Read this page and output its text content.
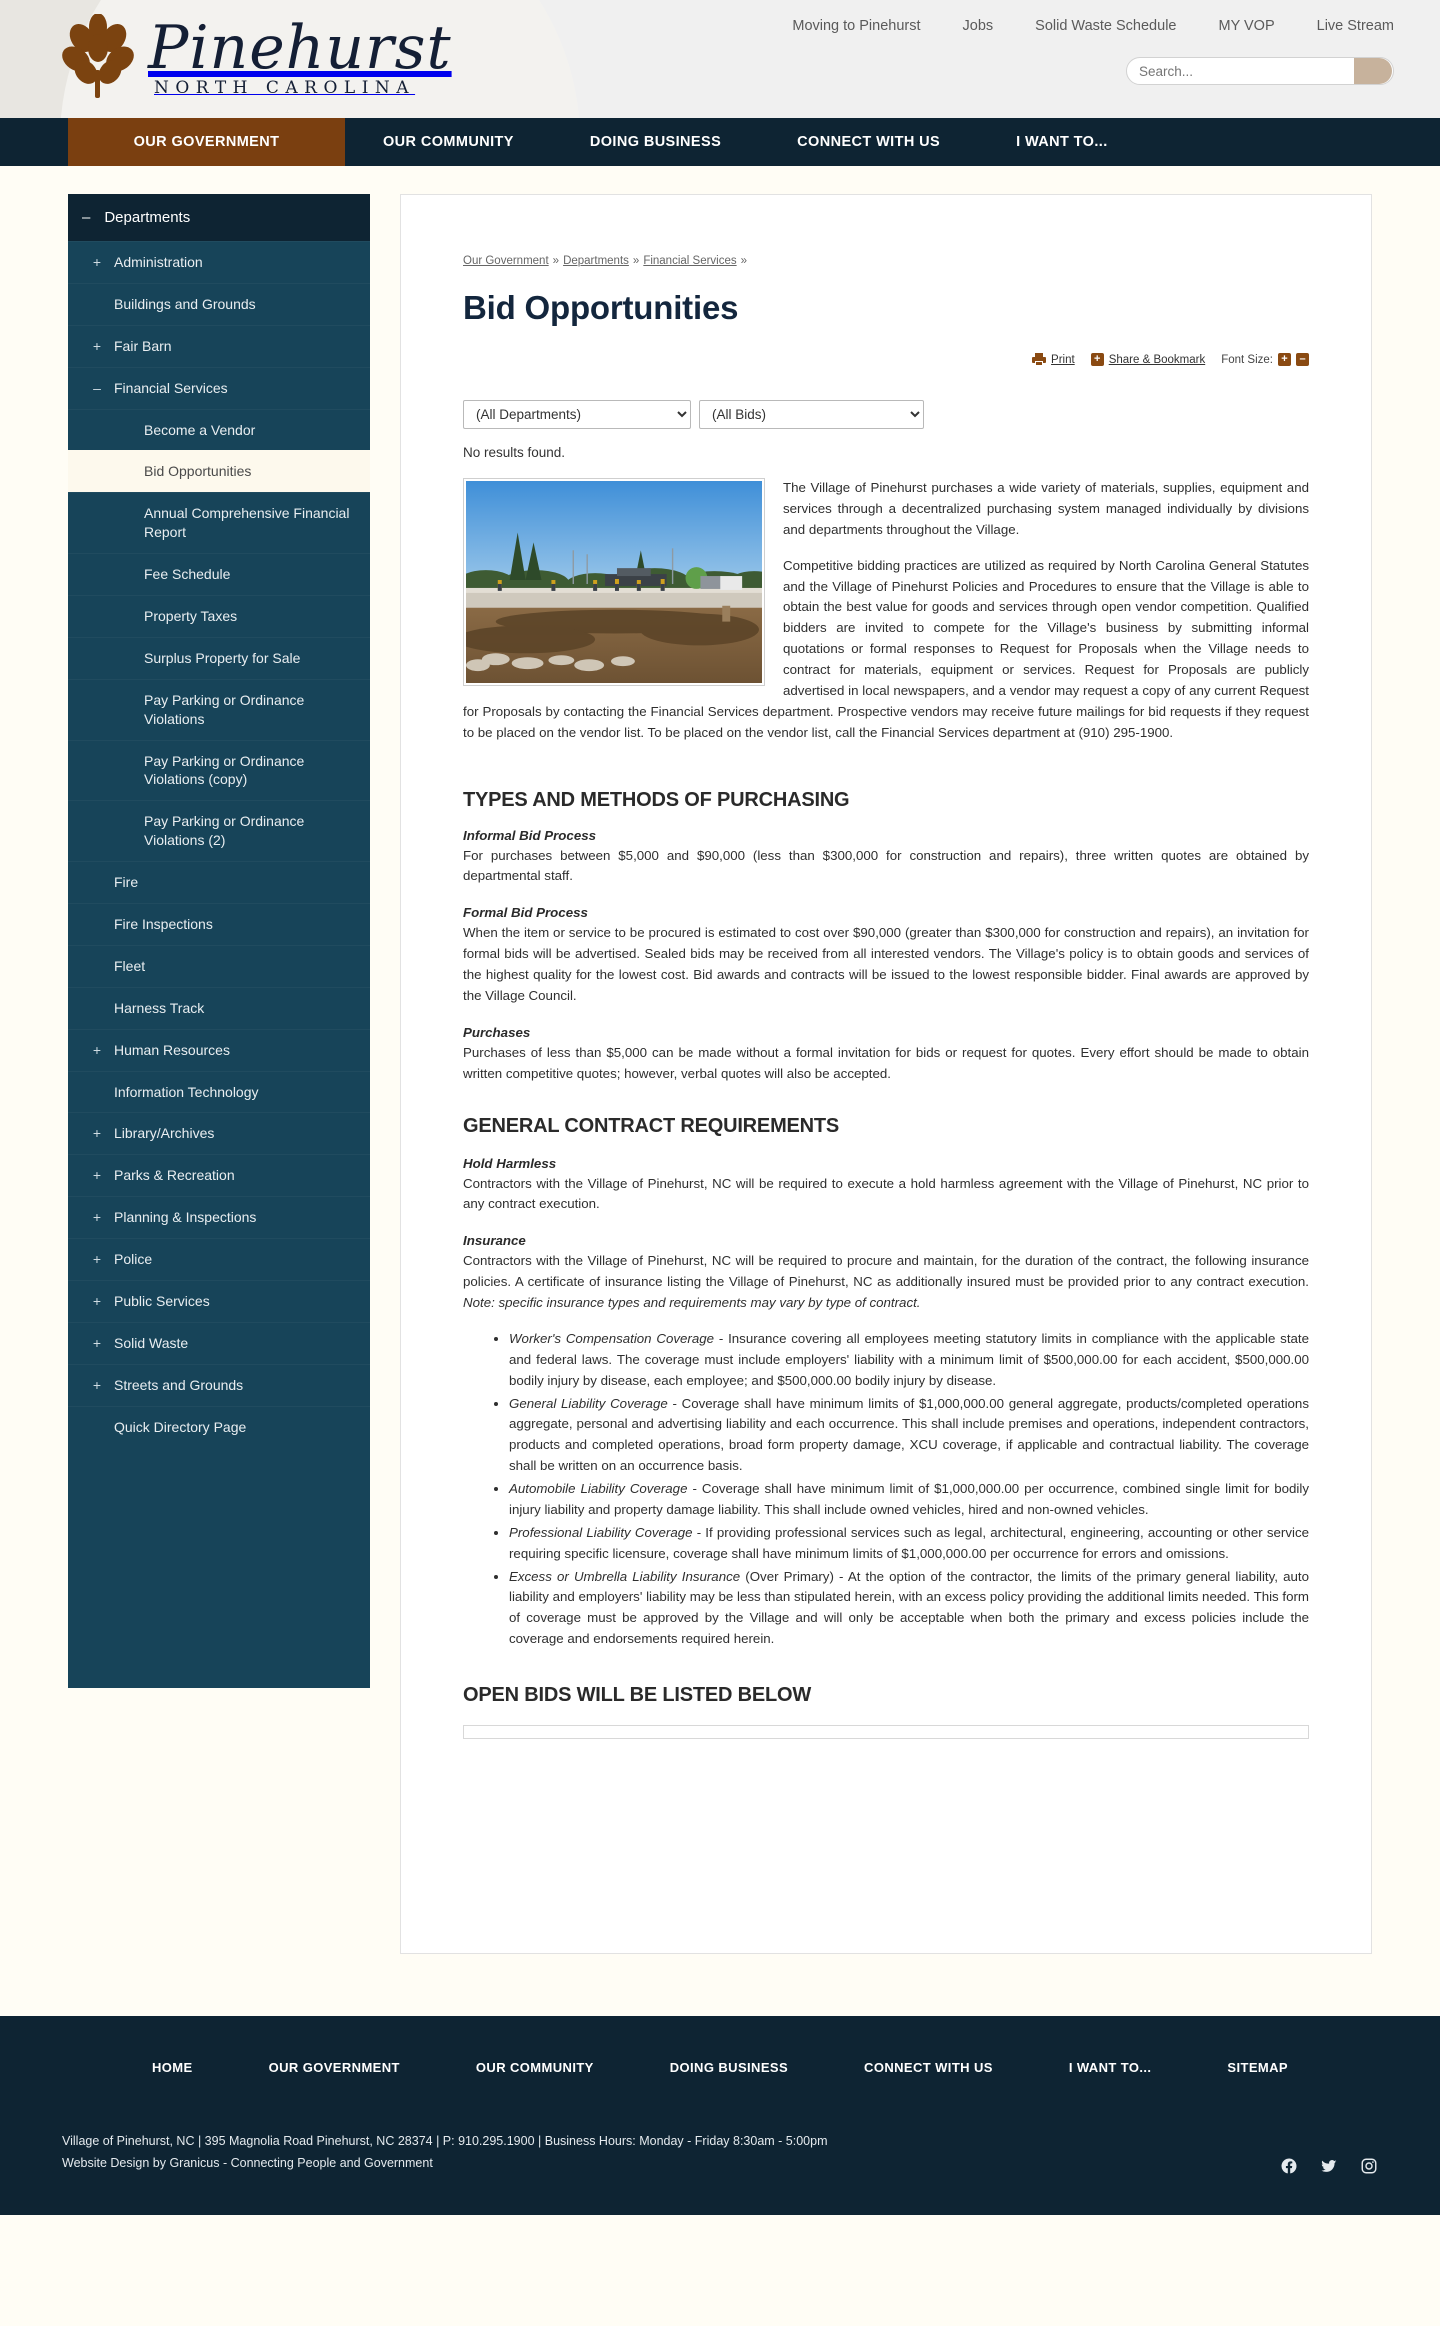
Pinehurst
NORTH CAROLINA
Moving to Pinehurst	Jobs	Solid Waste Schedule	MY VOP	Live Stream
Search...
OUR GOVERNMENT	OUR COMMUNITY	DOING BUSINESS	CONNECT WITH US	I WANT TO...
– Departments
+ Administration
Buildings and Grounds
+ Fair Barn
– Financial Services
Become a Vendor
Bid Opportunities
Annual Comprehensive Financial Report
Fee Schedule
Property Taxes
Surplus Property for Sale
Pay Parking or Ordinance Violations
Pay Parking or Ordinance Violations (copy)
Pay Parking or Ordinance Violations (2)
Fire
Fire Inspections
Fleet
Harness Track
+ Human Resources
Information Technology
+ Library/Archives
+ Parks & Recreation
+ Planning & Inspections
+ Police
+ Public Services
+ Solid Waste
+ Streets and Grounds
Quick Directory Page
Our Government » Departments » Financial Services »
Bid Opportunities
Print + Share & Bookmark Font Size: +	–
(All Departments)
(All Bids)

No results found.

The Village of Pinehurst purchases a wide variety of materials, supplies, equipment and services through a decentralized purchasing system managed individually by divisions and departments throughout the Village.

Competitive bidding practices are utilized as required by North Carolina General Statutes and the Village of Pinehurst Policies and Procedures to ensure that the Village is able to obtain the best value for goods and services through open vendor competition. Qualified bidders are invited to compete for the Village's business by submitting informal quotations or formal responses to Request for Proposals when the Village needs to contract for materials, equipment or services. Request for Proposals are publicly advertised in local newspapers, and a vendor may request a copy of any current Request for Proposals by contacting the Financial Services department. Prospective vendors may receive future mailings for bid requests if they request to be placed on the vendor list. To be placed on the vendor list, call the Financial Services department at (910) 295-1900.

TYPES AND METHODS OF PURCHASING
Informal Bid Process

For purchases between $5,000 and $90,000 (less than $300,000 for construction and repairs), three written quotes are obtained by departmental staff.

Formal Bid Process

When the item or service to be procured is estimated to cost over $90,000 (greater than $300,000 for construction and repairs), an invitation for formal bids will be advertised. Sealed bids may be received from all interested vendors. The Village's policy is to obtain goods and services of the highest quality for the lowest cost. Bid awards and contracts will be issued to the lowest responsible bidder. Final awards are approved by the Village Council.

Purchases

Purchases of less than $5,000 can be made without a formal invitation for bids or request for quotes. Every effort should be made to obtain written competitive quotes; however, verbal quotes will also be accepted.

GENERAL CONTRACT REQUIREMENTS
Hold Harmless

Contractors with the Village of Pinehurst, NC will be required to execute a hold harmless agreement with the Village of Pinehurst, NC prior to any contract execution.

Insurance

Contractors with the Village of Pinehurst, NC will be required to procure and maintain, for the duration of the contract, the following insurance policies. A certificate of insurance listing the Village of Pinehurst, NC as additionally insured must be provided prior to any contract execution. Note: specific insurance types and requirements may vary by type of contract.

• Worker's Compensation Coverage - Insurance covering all employees meeting statutory limits in compliance with the applicable state and federal laws. The coverage must include employers' liability with a minimum limit of $500,000.00 for each accident, $500,000.00 bodily injury by disease, each employee; and $500,000.00 bodily injury by disease.
• General Liability Coverage - Coverage shall have minimum limits of $1,000,000.00 general aggregate, products/completed operations aggregate, personal and advertising liability and each occurrence. This shall include premises and operations, independent contractors, products and completed operations, broad form property damage, XCU coverage, if applicable and contractual liability. The coverage shall be written on an occurrence basis.
• Automobile Liability Coverage - Coverage shall have minimum limit of $1,000,000.00 per occurrence, combined single limit for bodily injury liability and property damage liability. This shall include owned vehicles, hired and non-owned vehicles.
• Professional Liability Coverage - If providing professional services such as legal, architectural, engineering, accounting or other service requiring specific licensure, coverage shall have minimum limits of $1,000,000.00 per occurrence for errors and omissions.
• Excess or Umbrella Liability Insurance (Over Primary) - At the option of the contractor, the limits of the primary general liability, auto liability and employers' liability may be less than stipulated herein, with an excess policy providing the additional limits needed. This form of coverage must be approved by the Village and will only be acceptable when both the primary and excess policies include the coverage and endorsements required herein.
OPEN BIDS WILL BE LISTED BELOW
HOME	OUR GOVERNMENT	OUR COMMUNITY	DOING BUSINESS	CONNECT WITH US	I WANT TO...	SITEMAP
Village of Pinehurst, NC | 395 Magnolia Road Pinehurst, NC 28374 | P: 910.295.1900 | Business Hours: Monday - Friday 8:30am - 5:00pm
Website Design by Granicus - Connecting People and Government
